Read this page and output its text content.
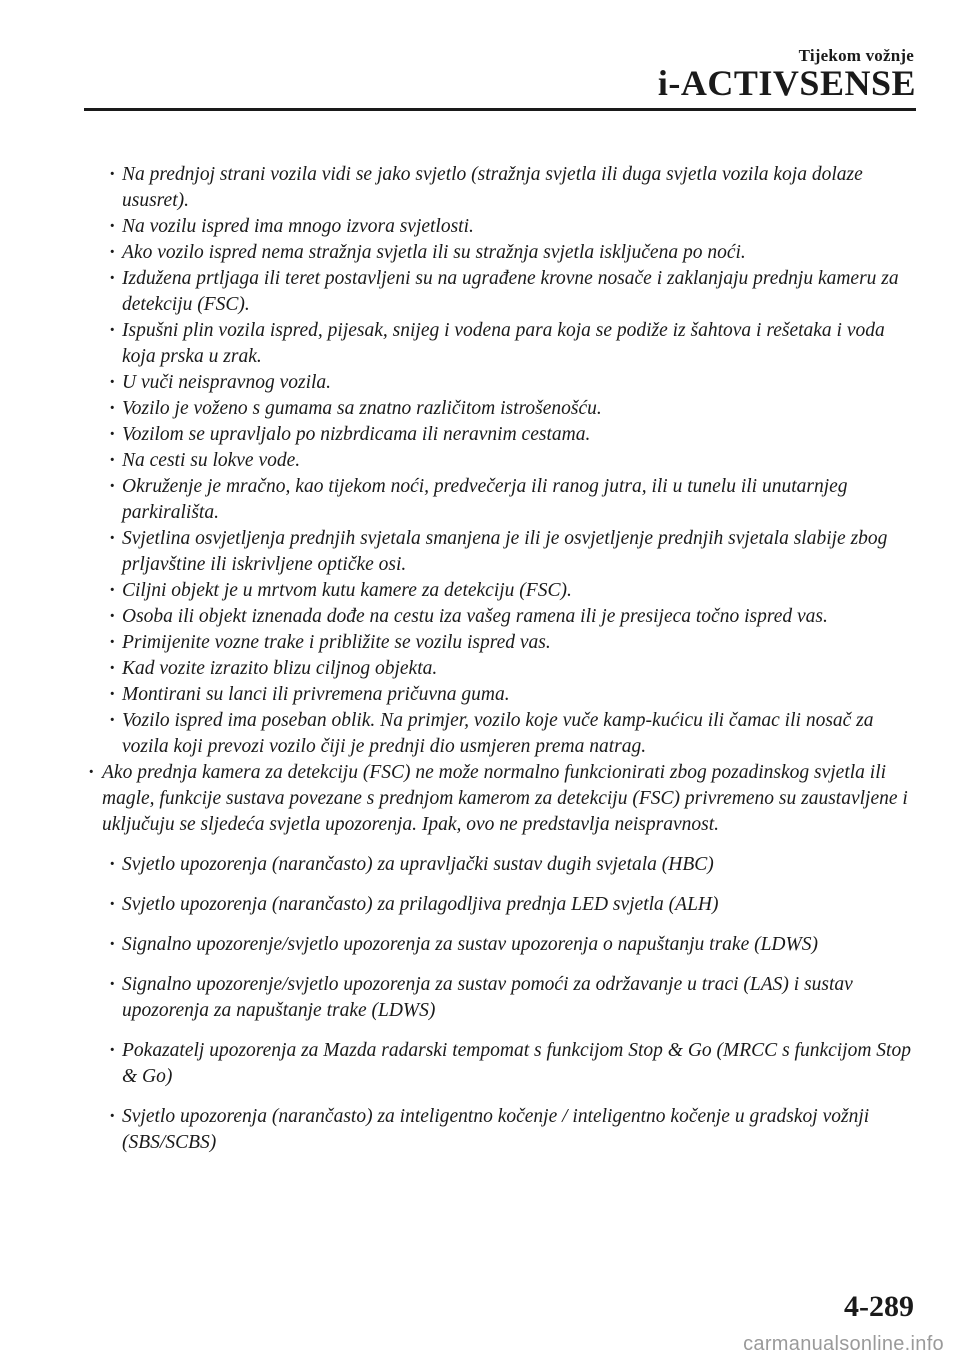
Tijekom vožnje
i-ACTIVSENSE

· Na prednjoj strani vozila vidi se jako svjetlo (stražnja svjetla ili duga svjetla vozila koja dolaze ususret).

· Na vozilu ispred ima mnogo izvora svjetlosti.

· Ako vozilo ispred nema stražnja svjetla ili su stražnja svjetla isključena po noći.

· Izdužena prtljaga ili teret postavljeni su na ugrađene krovne nosače i zaklanjaju prednju kameru za detekciju (FSC).

· Ispušni plin vozila ispred, pijesak, snijeg i vodena para koja se podiže iz šahtova i rešetaka i voda koja prska u zrak.

· U vuči neispravnog vozila.

· Vozilo je voženo s gumama sa znatno različitom istrošenošću.

· Vozilom se upravljalo po nizbrdicama ili neravnim cestama.

· Na cesti su lokve vode.

· Okruženje je mračno, kao tijekom noći, predvečerja ili ranog jutra, ili u tunelu ili unutarnjeg parkirališta.

· Svjetlina osvjetljenja prednjih svjetala smanjena je ili je osvjetljenje prednjih svjetala slabije zbog prljavštine ili iskrivljene optičke osi.

· Ciljni objekt je u mrtvom kutu kamere za detekciju (FSC).

· Osoba ili objekt iznenada dođe na cestu iza vašeg ramena ili je presijeca točno ispred vas.

· Primijenite vozne trake i približite se vozilu ispred vas.

· Kad vozite izrazito blizu ciljnog objekta.

· Montirani su lanci ili privremena pričuvna guma.

· Vozilo ispred ima poseban oblik. Na primjer, vozilo koje vuče kamp-kućicu ili čamac ili nosač za vozila koji prevozi vozilo čiji je prednji dio usmjeren prema natrag.

· Ako prednja kamera za detekciju (FSC) ne može normalno funkcionirati zbog pozadinskog svjetla ili magle, funkcije sustava povezane s prednjom kamerom za detekciju (FSC) privremeno su zaustavljene i uključuju se sljedeća svjetla upozorenja. Ipak, ovo ne predstavlja neispravnost.

· Svjetlo upozorenja (narančasto) za upravljački sustav dugih svjetala (HBC)

· Svjetlo upozorenja (narančasto) za prilagodljiva prednja LED svjetla (ALH)

· Signalno upozorenje/svjetlo upozorenja za sustav upozorenja o napuštanju trake (LDWS)

· Signalno upozorenje/svjetlo upozorenja za sustav pomoći za održavanje u traci (LAS) i sustav upozorenja za napuštanje trake (LDWS)

· Pokazatelj upozorenja za Mazda radarski tempomat s funkcijom Stop & Go (MRCC s funkcijom Stop & Go)

· Svjetlo upozorenja (narančasto) za inteligentno kočenje / inteligentno kočenje u gradskoj vožnji (SBS/SCBS)

4-289
carmanualsonline.info
